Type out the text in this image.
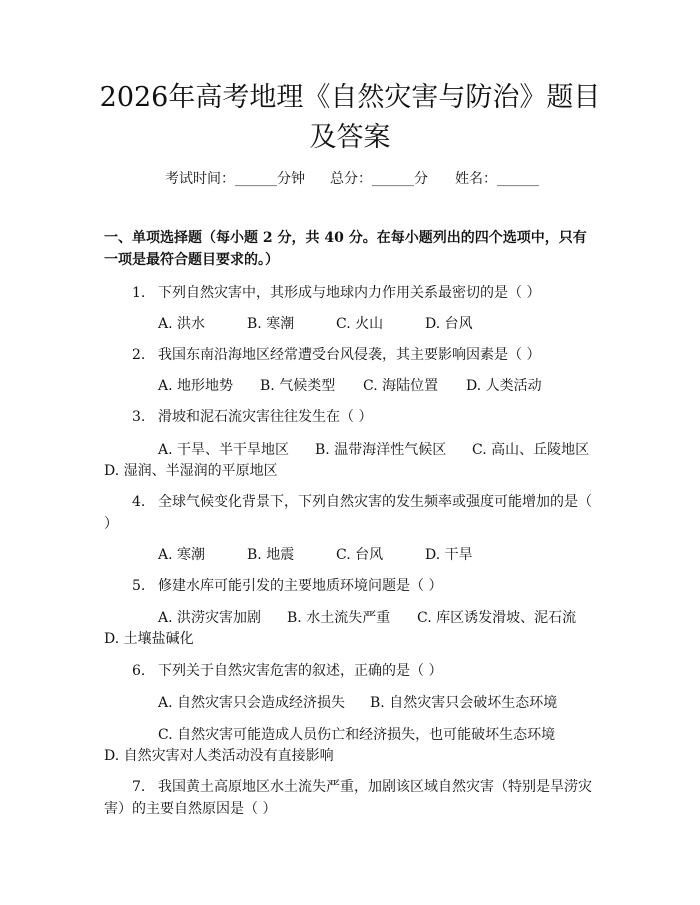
2026年高考地理《自然灾害与防治》题目及答案
考试时间：______分钟 总分：______分 姓名：______
一、单项选择题（每小题 2 分，共 40 分。在每小题列出的四个选项中，只有一项是最符合题目要求的。）
1. 下列自然灾害中，其形成与地球内力作用关系最密切的是（ ）
A. 洪水	B. 寒潮	C. 火山	D. 台风
2. 我国东南沿海地区经常遭受台风侵袭，其主要影响因素是（ ）
A. 地形地势 B. 气候类型 C. 海陆位置 D. 人类活动
3. 滑坡和泥石流灾害往往发生在（ ）
A. 干旱、半干旱地区 B. 温带海洋性气候区 C. 高山、丘陵地区
D. 湿润、半湿润的平原地区
4. 全球气候变化背景下，下列自然灾害的发生频率或强度可能增加的是（ ）
A. 寒潮	B. 地震	C. 台风	D. 干旱
5. 修建水库可能引发的主要地质环境问题是（ ）
A. 洪涝灾害加剧 B. 水土流失严重 C. 库区诱发滑坡、泥石流
D. 土壤盐碱化
6. 下列关于自然灾害危害的叙述，正确的是（ ）
A. 自然灾害只会造成经济损失 B. 自然灾害只会破坏生态环境
C. 自然灾害可能造成人员伤亡和经济损失，也可能破坏生态环境
D. 自然灾害对人类活动没有直接影响
7. 我国黄土高原地区水土流失严重，加剧该区域自然灾害（特别是旱涝灾害）的主要自然原因是（ ）
